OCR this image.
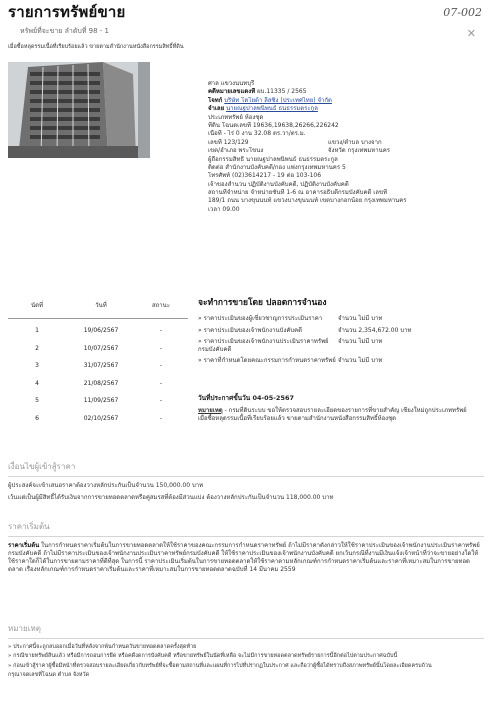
รายการทรัพย์ขาย	07-002
หรัพย์ที่จะขาย ลำดับที่ 98 - 1	✕
เมื่อซื้อหลุดรรมเนื้อที่เรียบร้อยแล้ว ขายตามสำนักงานหนังสือกรรมสิทธิ์ที่ดิน
ศาล แขวงนนทบุรี
คดีหมายเลขแดงที่ ผบ.11335 / 2565
โจทก์ บริษัท โตโยต้า ลีสซิ่ง (ประเทศไทย) จำกัด
จำเลย นายณฐปาลพนิพนธ์ ธนธรรมตระกูล
ประเภททรัพย์ ห้องชุด
ที่ดิน โฉนดเลขที่ 19636,19638,26266,226242
เนื้อที่ - ไร่ 0 งาน 32.08 ตร.วา/ตร.ม.
เลขที่ 123/129	แขวง/ตำบล บางจาก
เขต/อำเภอ พระโขนง	จังหวัด กรุงเทพมหานคร
ผู้ถือกรรมสิทธิ์ นายณฐปาลพนิพนธ์ ธนธรรมตระกูล
ติดต่อ สำนักงานบังคับคดี/กอง แพ่งกรุงเทพมหานคร 5
โทรศัพท์ (02)3614217 - 19 ต่อ 103-106
เจ้าของสำนวน ปฏิบัติงานบังคับคดี, ปฏิบัติงานบังคับคดี
สถานที่จำหน่าย จำหน่ายชั้นที่ 1-6 ณ อาคารอธิบดีกรมบังคับคดี เลขที่
189/1 ถนน บางขุนนนท์ แขวงบางขุนนนท์ เขตบางกอกน้อย กรุงเทพมหานคร
เวลา 09.00
นัดที่	วันที่	สถานะ
1	19/06/2567	-
2	10/07/2567	-
3	31/07/2567	-
4	21/08/2567	-
5	11/09/2567	-
6	02/10/2567	-
จะทำการขายโดย ปลอดการจำนอง
» ราคาประเมินของผู้เชี่ยวชาญการประเมินราคา	จำนวน ไม่มี บาท
» ราคาประเมินของเจ้าพนักงานบังคับคดี	จำนวน 2,354,672.00 บาท
» ราคาประเมินของเจ้าพนักงานประเมินราคาทรัพย์ กรมบังคับคดี
จำนวน ไม่มี บาท
» ราคาที่กำหนดโดยคณะกรรมการกำหนดราคาทรัพย์ จำนวน ไม่มี บาท
วันที่ประกาศขั้นวัน 04-05-2567
หมายเหตุ - กรมที่ดินระบบ ขอให้ตรวจสอบรายละเอียดของรายการที่ขายสำคัญ เชียงใหม่ถูกประเภททรัพย์
เมื่อซื้อหลุดรรมเนื้อที่เรียบร้อยแล้ว ขายตามสำนักงานหนังสือกรรมสิทธิ์ห้องชุด
เงื่อนไขผู้เข้าสู้ราคา
ผู้ประสงค์จะเข้าเสนอราคาต้องวางหลักประกันเป็นจำนวน 150,000.00 บาท
เว้นแต่เป็นผู้มีสิทธิ์ได้รับเงินจากการขายทอดตลาดหรือคู่สมรสที่ต้องมีส่วนแบ่ง ต้องวางหลักประกันเป็นจำนวน 118,000.00 บาท
ราคาเริ่มต้น
ราคาเริ่มต้น ในการกำหนดราคาเริ่มต้นในการขายทอดตลาดให้ใช้ราคาของคณะกรรมการกำหนดราคาทรัพย์ ถ้าไม่มีราคาดังกล่าวให้ใช้ราคาประเมินของเจ้าพนักงานประเมินราคาทรัพย์กรมบังคับคดี ถ้าไม่มีราคาประเมินของเจ้าพนักงานประเมินราคาทรัพย์กรมบังคับคดี ให้ใช้ราคาประเมินของเจ้าพนักงานบังคับคดี ยกเว้นกรณีที่งานมีเงินแจ้งเจ้าหน้าที่ว่าจะขายอย่างใดให้ใช้ราคาใดก็ได้ในการขายตามราคาที่ดีที่สุด ในการนี้ ราคาประเมินเริ่มต้นในการขายทอดตลาดให้ใช้ราคาตามหลักเกณฑ์การกำหนดราคาเริ่มต้นและราคาที่เหมาะสมในการขายทอดตลาด เรื่องหลักเกณฑ์การกำหนดราคาเริ่มต้นและราคาที่เหมาะสมในการขายทอดตลาดฉบับที่ 14 มีนาคม 2559
หมายเหตุ
» ประกาศนี้จะถูกลบออกเมื่อวันที่หลังจากพ้นกำหนดวันขายทอดตลาดครั้งสุดท้าย
» กรณีขายทรัพย์สินแล้ว หรือมีการถอนการยึด หรือคดีงดการบังคับคดี หรือขายทรัพย์ในนัดที่เหลือ จะไม่มีการขายทอดตลาดทรัพย์รายการนี้อีกต่อไปตามประกาศฉบับนี้
» ก่อนเข้าสู้ราคาผู้ซื้อมีหน้าที่ตรวจสอบรายละเอียดเกี่ยวกับทรัพย์ที่จะซื้อตามสถานที่และแผนที่การไปที่ปรากฏในประกาศ และถือว่าผู้ซื้อได้ทราบถึงสภาพทรัพย์นั้นโดยละเอียดครบถ้วน
กรุณาจดเลขที่โฉนด ตำบล จังหวัด
